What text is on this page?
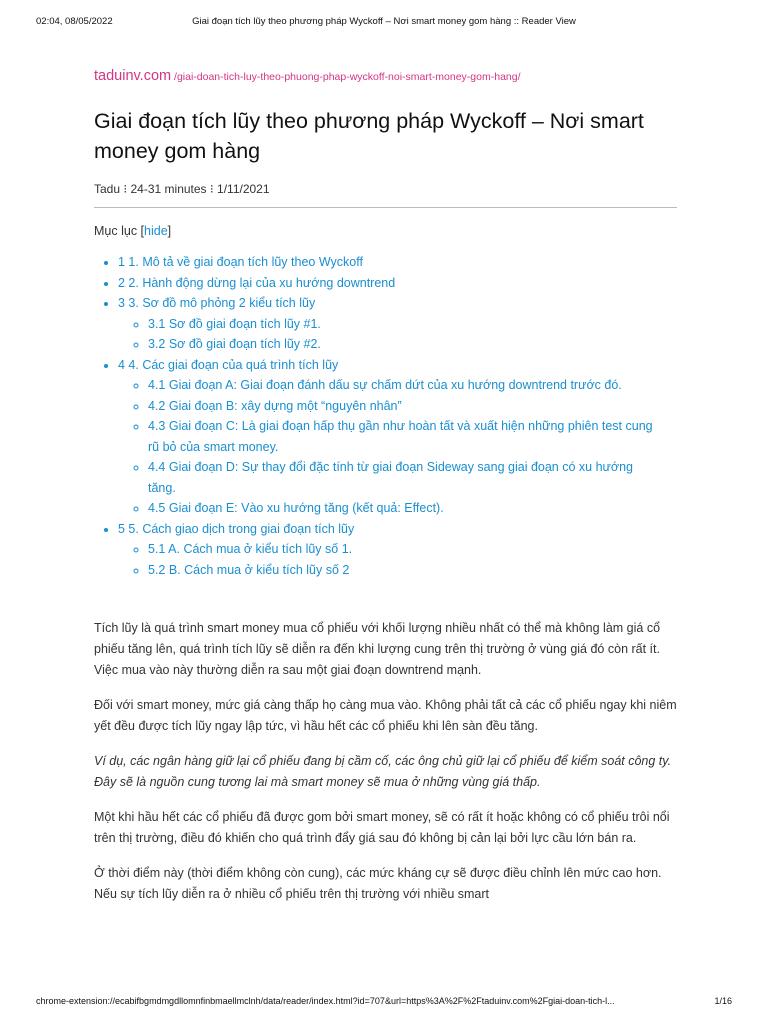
02:04, 08/05/2022	Giai đoạn tích lũy theo phương pháp Wyckoff – Nơi smart money gom hàng :: Reader View
taduinv.com /giai-doan-tich-luy-theo-phuong-phap-wyckoff-noi-smart-money-gom-hang/
Giai đoạn tích lũy theo phương pháp Wyckoff – Nơi smart money gom hàng
Tadu ⁝ 24-31 minutes ⁝ 1/11/2021
Mục lục [hide]
• 1 1. Mô tả về giai đoạn tích lũy theo Wyckoff
• 2 2. Hành động dừng lại của xu hướng downtrend
• 3 3. Sơ đồ mô phỏng 2 kiểu tích lũy
◦ 3.1 Sơ đồ giai đoạn tích lũy #1.
◦ 3.2 Sơ đồ giai đoạn tích lũy #2.
• 4 4. Các giai đoạn của quá trình tích lũy
◦ 4.1 Giai đoạn A: Giai đoạn đánh dấu sự chấm dứt của xu hướng downtrend trước đó.
◦ 4.2 Giai đoạn B: xây dựng một “nguyên nhân”
◦ 4.3 Giai đoạn C: Là giai đoạn hấp thụ gần như hoàn tất và xuất hiện những phiên test cung rũ bỏ của smart money.
◦ 4.4 Giai đoạn D: Sự thay đổi đặc tính từ giai đoạn Sideway sang giai đoạn có xu hướng tăng.
◦ 4.5 Giai đoạn E: Vào xu hướng tăng (kết quả: Effect).
• 5 5. Cách giao dịch trong giai đoạn tích lũy
◦ 5.1 A. Cách mua ở kiểu tích lũy số 1.
◦ 5.2 B. Cách mua ở kiểu tích lũy số 2

Tích lũy là quá trình smart money mua cổ phiếu với khối lượng nhiều nhất có thể mà không làm giá cổ phiếu tăng lên, quá trình tích lũy sẽ diễn ra đến khi lượng cung trên thị trường ở vùng giá đó còn rất ít. Việc mua vào này thường diễn ra sau một giai đoạn downtrend mạnh.

Đối với smart money, mức giá càng thấp họ càng mua vào. Không phải tất cả các cổ phiếu ngay khi niêm yết đều được tích lũy ngay lập tức, vì hầu hết các cổ phiếu khi lên sàn đều tăng.

Ví dụ, các ngân hàng giữ lại cổ phiếu đang bị cầm cố, các ông chủ giữ lại cổ phiếu để kiểm soát công ty. Đây sẽ là nguồn cung tương lai mà smart money sẽ mua ở những vùng giá thấp.

Một khi hầu hết các cổ phiếu đã được gom bởi smart money, sẽ có rất ít hoặc không có cổ phiếu trôi nổi trên thị trường, điều đó khiến cho quá trình đẩy giá sau đó không bị cản lại bởi lực cầu lớn bán ra.

Ở thời điểm này (thời điểm không còn cung), các mức kháng cự sẽ được điều chỉnh lên mức cao hơn. Nếu sự tích lũy diễn ra ở nhiều cổ phiếu trên thị trường với nhiều smart

chrome-extension://ecabifbgmdmgdllomnfinbmaellmclnh/data/reader/index.html?id=707&url=https%3A%2F%2Ftaduinv.com%2Fgiai-doan-tich-l...	1/16
